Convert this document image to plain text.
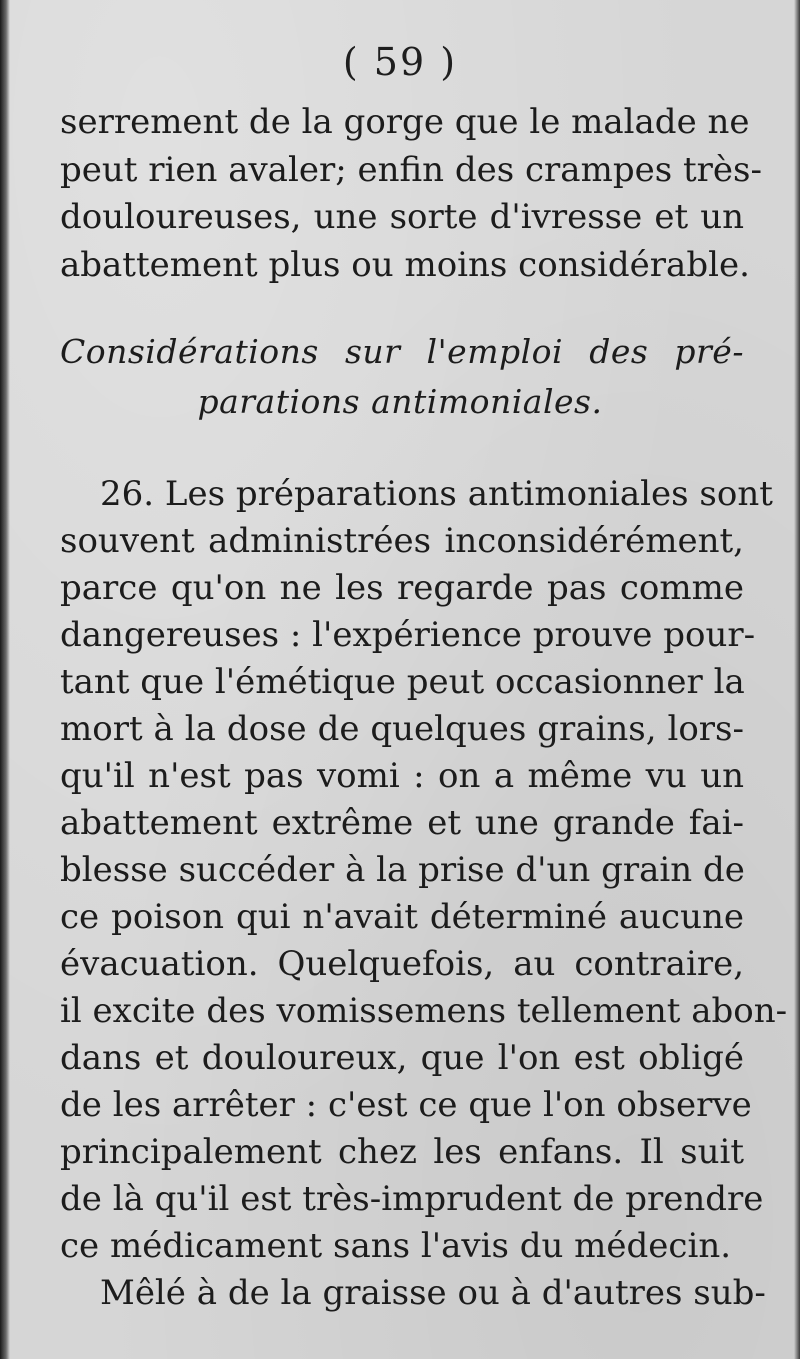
( 59 )
serrement de la gorge que le malade ne
peut rien avaler; enfin des crampes très-
douloureuses, une sorte d'ivresse et un
abattement plus ou moins considérable.
Considérations sur l'emploi des pré-
parations antimoniales.
26. Les préparations antimoniales sont
souvent administrées inconsidérément,
parce qu'on ne les regarde pas comme
dangereuses : l'expérience prouve pour-
tant que l'émétique peut occasionner la
mort à la dose de quelques grains, lors-
qu'il n'est pas vomi : on a même vu un
abattement extrême et une grande fai-
blesse succéder à la prise d'un grain de
ce poison qui n'avait déterminé aucune
évacuation. Quelquefois, au contraire,
il excite des vomissemens tellement abon-
dans et douloureux, que l'on est obligé
de les arrêter : c'est ce que l'on observe
principalement chez les enfans. Il suit
de là qu'il est très-imprudent de prendre
ce médicament sans l'avis du médecin.
Mêlé à de la graisse ou à d'autres sub-
